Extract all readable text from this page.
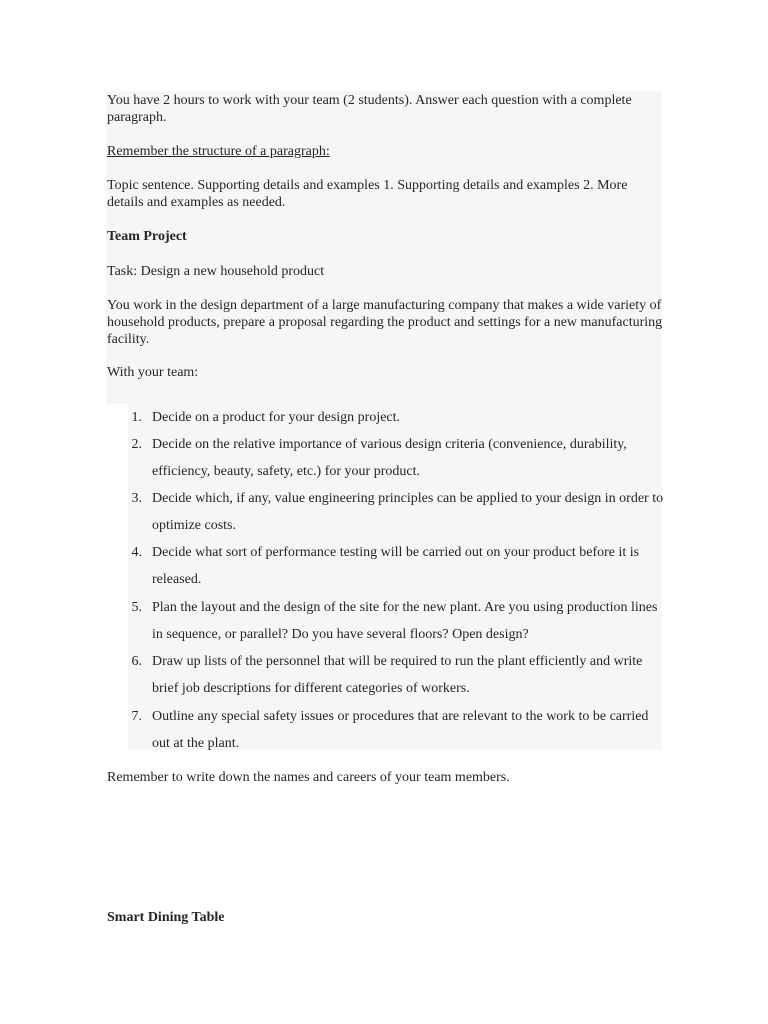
You have 2 hours to work with your team (2 students). Answer each question with a complete paragraph.

Remember the structure of a paragraph:

Topic sentence. Supporting details and examples 1. Supporting details and examples 2. More details and examples as needed.

Team Project

Task: Design a new household product

You work in the design department of a large manufacturing company that makes a wide variety of household products, prepare a proposal regarding the product and settings for a new manufacturing facility.

With your team:

1. Decide on a product for your design project.
2. Decide on the relative importance of various design criteria (convenience, durability, efficiency, beauty, safety, etc.) for your product.
3. Decide which, if any, value engineering principles can be applied to your design in order to optimize costs.
4. Decide what sort of performance testing will be carried out on your product before it is released.
5. Plan the layout and the design of the site for the new plant. Are you using production lines in sequence, or parallel? Do you have several floors? Open design?
6. Draw up lists of the personnel that will be required to run the plant efficiently and write brief job descriptions for different categories of workers.
7. Outline any special safety issues or procedures that are relevant to the work to be carried out at the plant.

Remember to write down the names and careers of your team members.

Smart Dining Table
